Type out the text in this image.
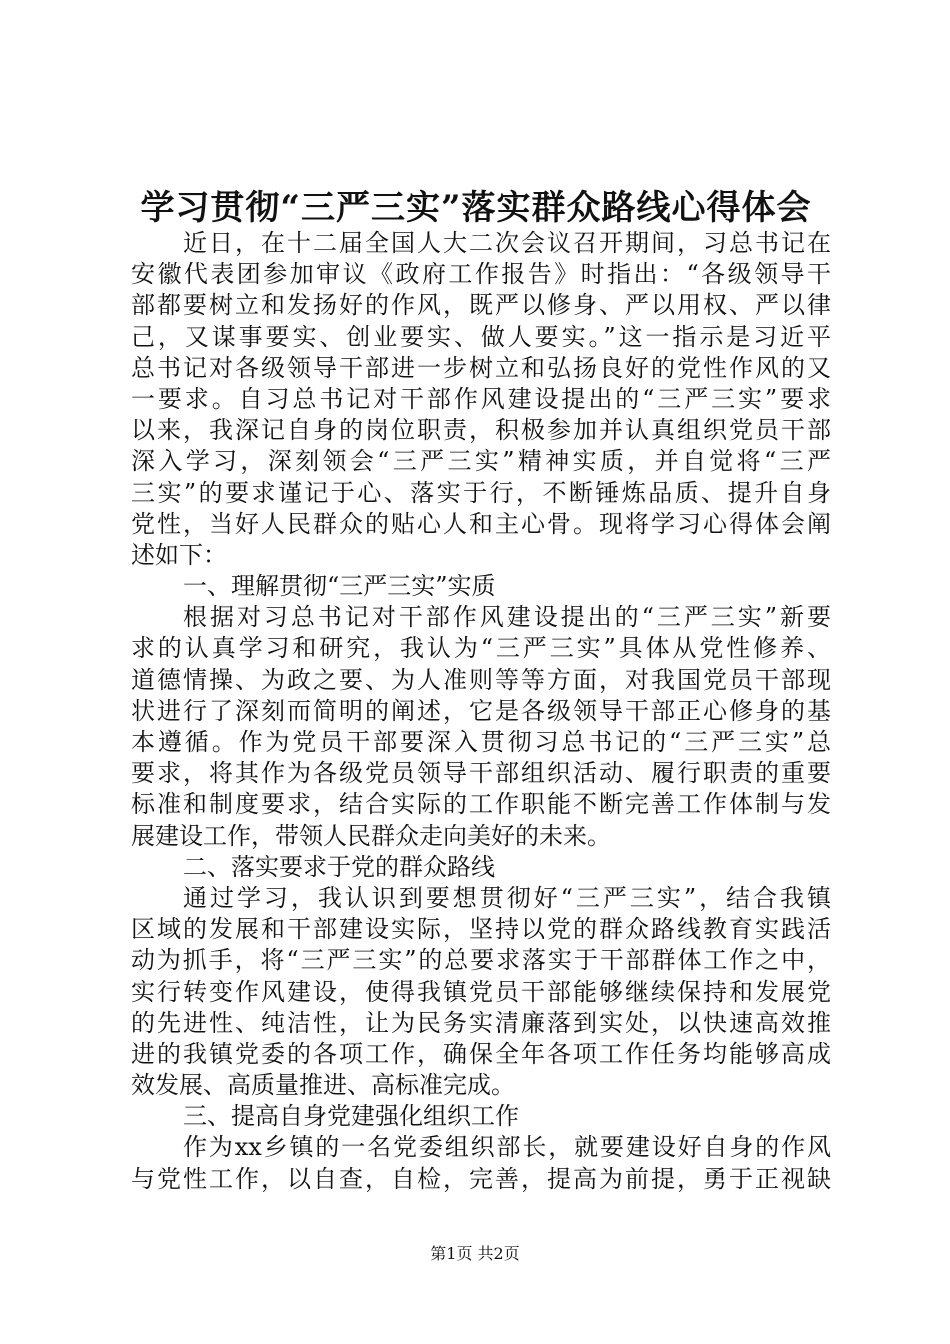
学习贯彻“三严三实”落实群众路线心得体会
近日，在十二届全国人大二次会议召开期间，习总书记在
安徽代表团参加审议《政府工作报告》时指出：“各级领导干
部都要树立和发扬好的作风，既严以修身、严以用权、严以律
己，又谋事要实、创业要实、做人要实。”这一指示是习近平
总书记对各级领导干部进一步树立和弘扬良好的党性作风的又
一要求。自习总书记对干部作风建设提出的“三严三实”要求
以来，我深记自身的岗位职责，积极参加并认真组织党员干部
深入学习，深刻领会“三严三实”精神实质，并自觉将“三严
三实”的要求谨记于心、落实于行，不断锤炼品质、提升自身
党性，当好人民群众的贴心人和主心骨。现将学习心得体会阐
述如下：
一、理解贯彻“三严三实”实质
根据对习总书记对干部作风建设提出的“三严三实”新要
求的认真学习和研究，我认为“三严三实”具体从党性修养、
道德情操、为政之要、为人准则等等方面，对我国党员干部现
状进行了深刻而简明的阐述，它是各级领导干部正心修身的基
本遵循。作为党员干部要深入贯彻习总书记的“三严三实”总
要求，将其作为各级党员领导干部组织活动、履行职责的重要
标准和制度要求，结合实际的工作职能不断完善工作体制与发
展建设工作，带领人民群众走向美好的未来。
二、落实要求于党的群众路线
通过学习，我认识到要想贯彻好“三严三实”，结合我镇
区域的发展和干部建设实际，坚持以党的群众路线教育实践活
动为抓手，将“三严三实”的总要求落实于干部群体工作之中，
实行转变作风建设，使得我镇党员干部能够继续保持和发展党
的先进性、纯洁性，让为民务实清廉落到实处，以快速高效推
进的我镇党委的各项工作，确保全年各项工作任务均能够高成
效发展、高质量推进、高标准完成。
三、提高自身党建强化组织工作
作为xx乡镇的一名党委组织部长，就要建设好自身的作风
与党性工作，以自查，自检，完善，提高为前提，勇于正视缺
第1页 共2页
